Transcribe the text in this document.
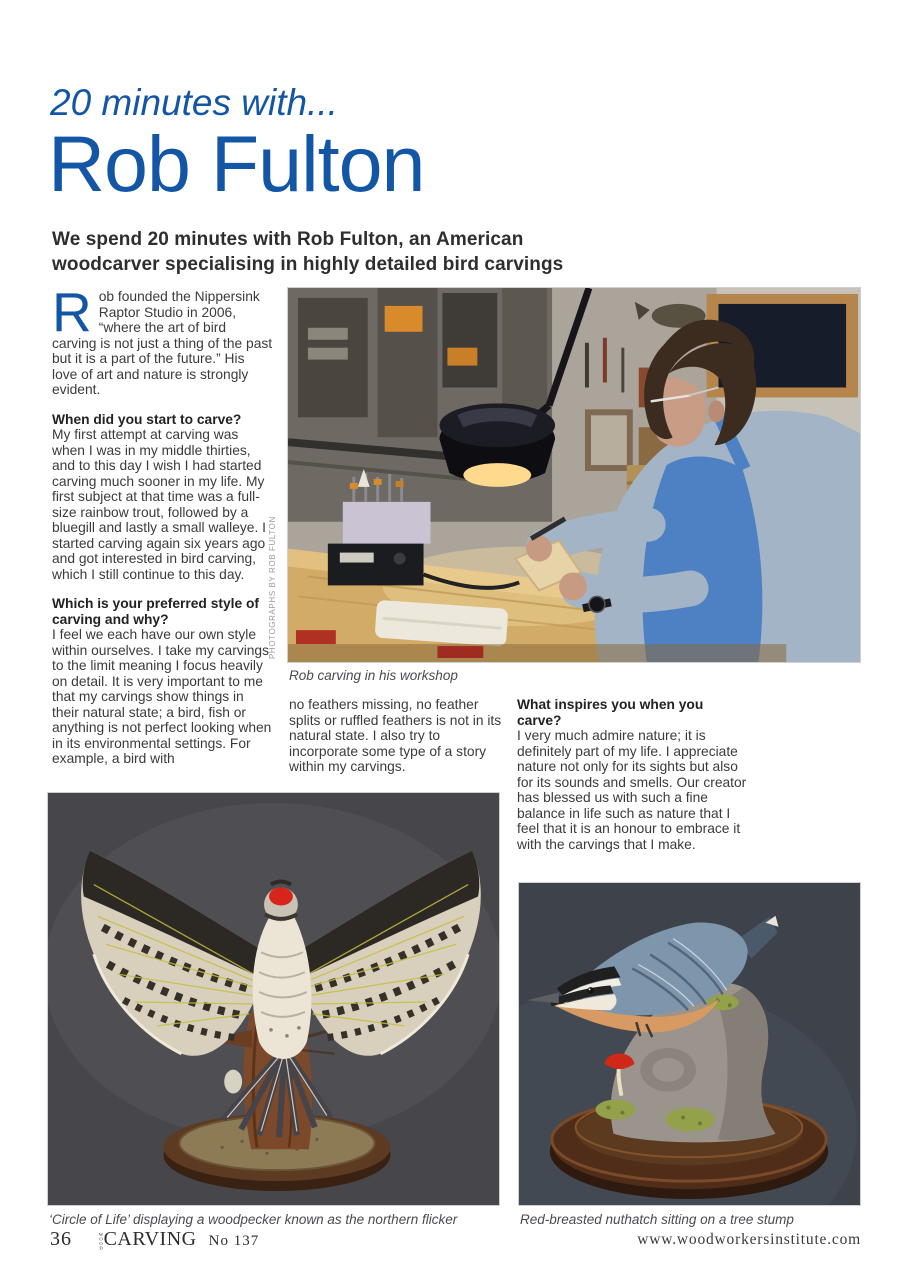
20 minutes with...
Rob Fulton
We spend 20 minutes with Rob Fulton, an American woodcarver specialising in highly detailed bird carvings

Rob founded the Nippersink Raptor Studio in 2006, “where the art of bird carving is not just a thing of the past but it is a part of the future.” His love of art and nature is strongly evident.

When did you start to carve?

My first attempt at carving was when I was in my middle thirties, and to this day I wish I had started carving much sooner in my life. My first subject at that time was a full-size rainbow trout, followed by a bluegill and lastly a small walleye. I started carving again six years ago and got interested in bird carving, which I still continue to this day.

Which is your preferred style of carving and why?

I feel we each have our own style within ourselves. I take my carvings to the limit meaning I focus heavily on detail. It is very important to me that my carvings show things in their natural state; a bird, fish or anything is not perfect looking when in its environmental settings. For example, a bird with

PHOTOGRAPHS BY ROB FULTON
Rob carving in his workshop

no feathers missing, no feather splits or ruffled feathers is not in its natural state. I also try to incorporate some type of a story within my carvings.

What inspires you when you carve?

I very much admire nature; it is definitely part of my life. I appreciate nature not only for its sights but also for its sounds and smells. Our creator has blessed us with such a fine balance in life such as nature that I feel that it is an honour to embrace it with the carvings that I make.

‘Circle of Life’ displaying a woodpecker known as the northern flicker	Red-breasted nuthatch sitting on a tree stump
36	WOOD CARVING No 137	www.woodworkersinstitute.com
